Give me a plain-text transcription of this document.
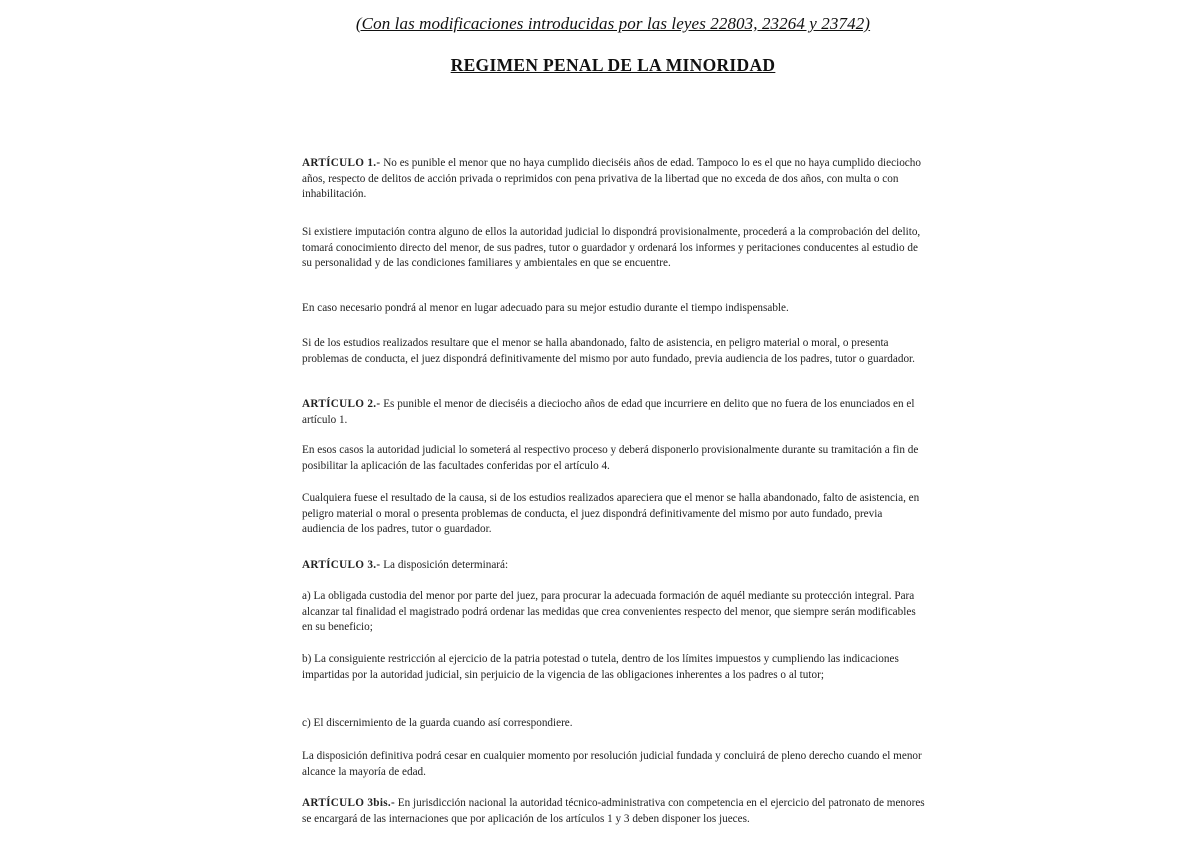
(Con las modificaciones introducidas por las leyes 22803, 23264 y 23742)
REGIMEN PENAL DE LA MINORIDAD

ARTÍCULO 1.- No es punible el menor que no haya cumplido dieciséis años de edad. Tampoco lo es el que no haya cumplido dieciocho años, respecto de delitos de acción privada o reprimidos con pena privativa de la libertad que no exceda de dos años, con multa o con inhabilitación.

Si existiere imputación contra alguno de ellos la autoridad judicial lo dispondrá provisionalmente, procederá a la comprobación del delito, tomará conocimiento directo del menor, de sus padres, tutor o guardador y ordenará los informes y peritaciones conducentes al estudio de su personalidad y de las condiciones familiares y ambientales en que se encuentre.

En caso necesario pondrá al menor en lugar adecuado para su mejor estudio durante el tiempo indispensable.

Si de los estudios realizados resultare que el menor se halla abandonado, falto de asistencia, en peligro material o moral, o presenta problemas de conducta, el juez dispondrá definitivamente del mismo por auto fundado, previa audiencia de los padres, tutor o guardador.

ARTÍCULO 2.- Es punible el menor de dieciséis a dieciocho años de edad que incurriere en delito que no fuera de los enunciados en el artículo 1.

En esos casos la autoridad judicial lo someterá al respectivo proceso y deberá disponerlo provisionalmente durante su tramitación a fin de posibilitar la aplicación de las facultades conferidas por el artículo 4.

Cualquiera fuese el resultado de la causa, si de los estudios realizados apareciera que el menor se halla abandonado, falto de asistencia, en peligro material o moral o presenta problemas de conducta, el juez dispondrá definitivamente del mismo por auto fundado, previa audiencia de los padres, tutor o guardador.

ARTÍCULO 3.- La disposición determinará:

a) La obligada custodia del menor por parte del juez, para procurar la adecuada formación de aquél mediante su protección integral. Para alcanzar tal finalidad el magistrado podrá ordenar las medidas que crea convenientes respecto del menor, que siempre serán modificables en su beneficio;

b) La consiguiente restricción al ejercicio de la patria potestad o tutela, dentro de los límites impuestos y cumpliendo las indicaciones impartidas por la autoridad judicial, sin perjuicio de la vigencia de las obligaciones inherentes a los padres o al tutor;

c) El discernimiento de la guarda cuando así correspondiere.

La disposición definitiva podrá cesar en cualquier momento por resolución judicial fundada y concluirá de pleno derecho cuando el menor alcance la mayoría de edad.

ARTÍCULO 3bis.- En jurisdicción nacional la autoridad técnico-administrativa con competencia en el ejercicio del patronato de menores se encargará de las internaciones que por aplicación de los artículos 1 y 3 deben disponer los jueces.
